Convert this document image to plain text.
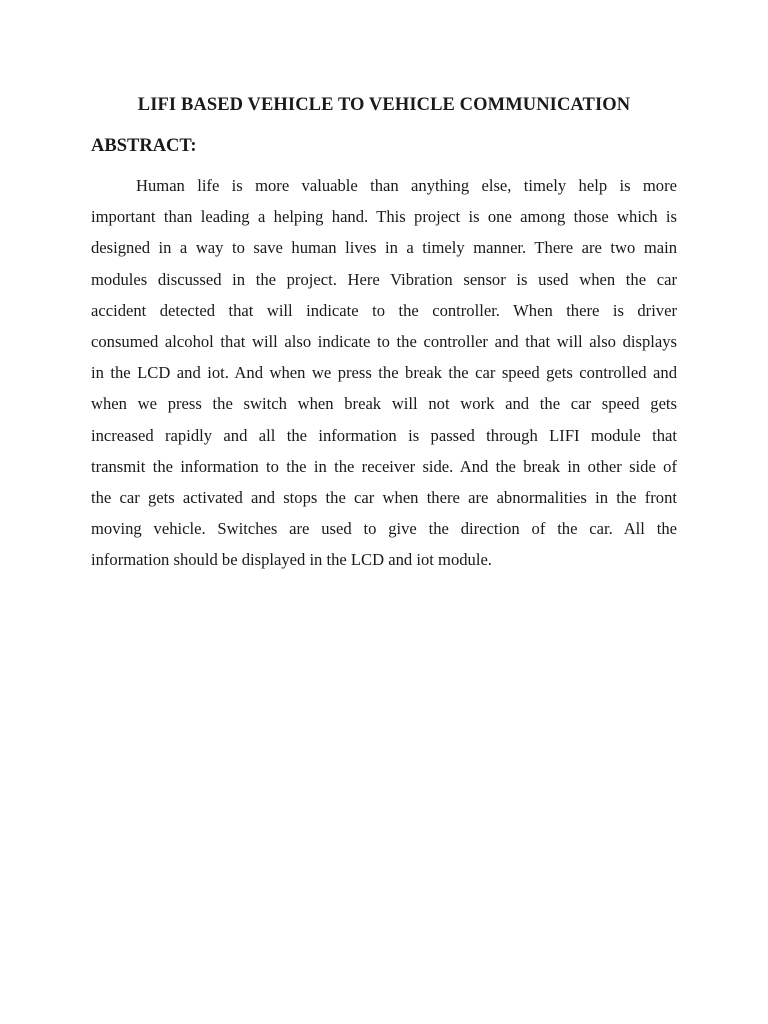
LIFI BASED VEHICLE TO VEHICLE COMMUNICATION
ABSTRACT:
Human life is more valuable than anything else, timely help is more
important than leading a helping hand. This project is one among those which is
designed in a way to save human lives in a timely manner. There are two main
modules discussed in the project. Here Vibration sensor is used when the car
accident detected that will indicate to the controller. When there is driver
consumed alcohol that will also indicate to the controller and that will also displays
in the LCD and iot. And when we press the break the car speed gets controlled and
when we press the switch when break will not work and the car speed gets
increased rapidly and all the information is passed through LIFI module that
transmit the information to the in the receiver side. And the break in other side of
the car gets activated and stops the car when there are abnormalities in the front
moving vehicle. Switches are used to give the direction of the car. All the
information should be displayed in the LCD and iot module.
